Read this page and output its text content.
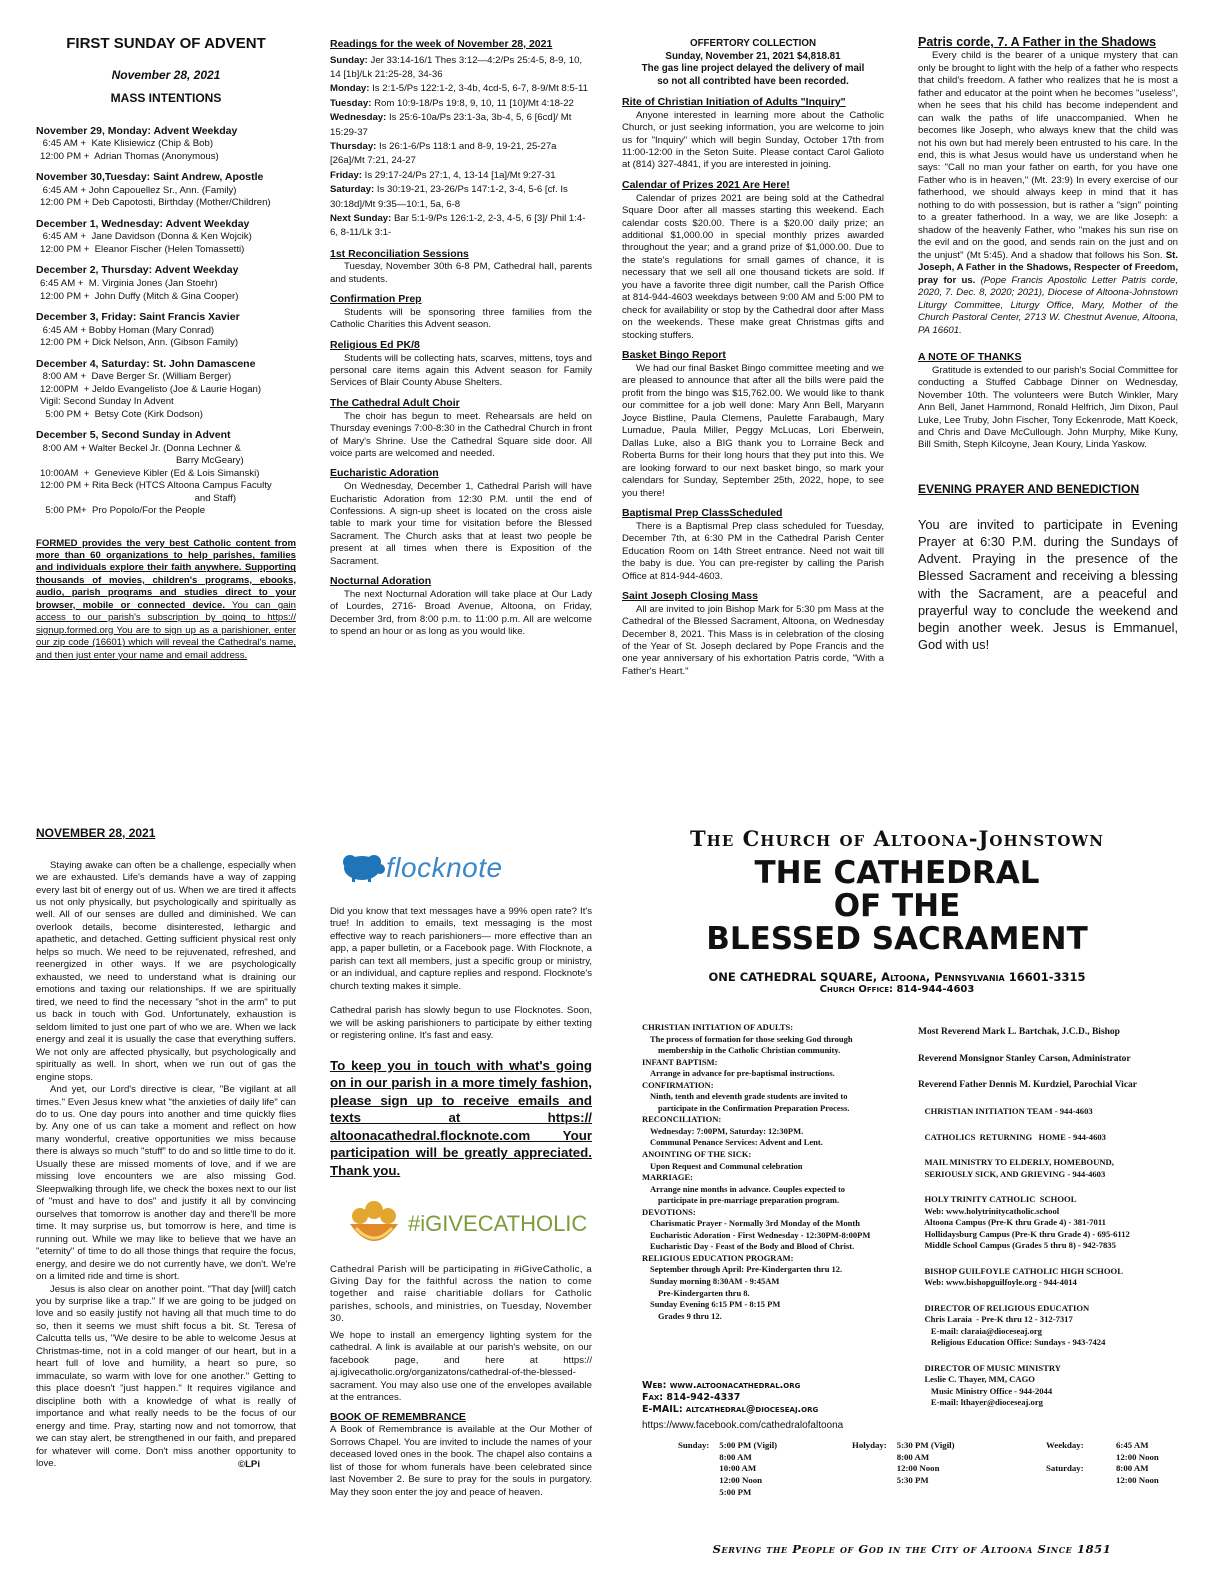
FIRST SUNDAY OF ADVENT
November 28, 2021
MASS INTENTIONS
November 29, Monday: Advent Weekday
6:45 AM +  Kate Klisiewicz (Chip & Bob)
12:00 PM +  Adrian Thomas (Anonymous)
November 30,Tuesday: Saint Andrew, Apostle
6:45 AM + John Capouellez Sr., Ann. (Family)
12:00 PM + Deb Capotosti, Birthday (Mother/Children)
December 1, Wednesday: Advent Weekday
6:45 AM +  Jane Davidson (Donna & Ken Wojcik)
12:00 PM +  Eleanor Fischer (Helen Tomassetti)
December 2, Thursday: Advent Weekday
6:45 AM +  M. Virginia Jones (Jan Stoehr)
12:00 PM +  John Duffy (Mitch & Gina Cooper)
December 3, Friday: Saint Francis Xavier
6:45 AM + Bobby Homan (Mary Conrad)
12:00 PM + Dick Nelson, Ann. (Gibson Family)
December 4, Saturday: St. John Damascene
8:00 AM +  Dave Berger Sr. (William Berger)
12:00PM  + Jeldo Evangelisto (Joe & Laurie Hogan)
Vigil: Second Sunday In Advent
5:00 PM +  Betsy Cote (Kirk Dodson)
December 5, Second Sunday in Advent
8:00 AM + Walter Beckel Jr. (Donna Lechner &
Barry McGeary)
10:00AM  +  Genevieve Kibler (Ed & Lois Simanski)
12:00 PM + Rita Beck (HTCS Altoona Campus Faculty
and Staff)
5:00 PM+  Pro Popolo/For the People
FORMED provides the very best Catholic content from more than 60 organizations to help parishes, families and individuals explore their faith anywhere. Supporting thousands of movies, children's programs, ebooks, audio, parish programs and studies direct to your browser, mobile or connected device. You can gain access to our parish's subscription by going to https:// signup.formed.org You are to sign up as a parishioner, enter our zip code (16601) which will reveal the Cathedral's name, and then just enter your name and email address.
Readings for the week of November 28, 2021

Sunday: Jer 33:14-16/1 Thes 3:12—4:2/Ps 25:4-5, 8-9, 10, 14 [1b]/Lk 21:25-28, 34-36

Monday: Is 2:1-5/Ps 122:1-2, 3-4b, 4cd-5, 6-7, 8-9/Mt 8:5-11

Tuesday: Rom 10:9-18/Ps 19:8, 9, 10, 11 [10]/Mt 4:18-22

Wednesday: Is 25:6-10a/Ps 23:1-3a, 3b-4, 5, 6 [6cd]/ Mt 15:29-37

Thursday: Is 26:1-6/Ps 118:1 and 8-9, 19-21, 25-27a [26a]/Mt 7:21, 24-27

Friday: Is 29:17-24/Ps 27:1, 4, 13-14 [1a]/Mt 9:27-31

Saturday: Is 30:19-21, 23-26/Ps 147:1-2, 3-4, 5-6 [cf. Is 30:18d]/Mt 9:35—10:1, 5a, 6-8

Next Sunday: Bar 5:1-9/Ps 126:1-2, 2-3, 4-5, 6 [3]/ Phil 1:4-6, 8-11/Lk 3:1-

1st Reconciliation Sessions

Tuesday, November 30th 6-8 PM, Cathedral hall, parents and students.

Confirmation Prep

Students will be sponsoring three families from the Catholic Charities this Advent season.

Religious Ed PK/8

Students will be collecting hats, scarves, mittens, toys and personal care items again this Advent season for Family Services of Blair County Abuse Shelters.

The Cathedral Adult Choir

The choir has begun to meet. Rehearsals are held on Thursday evenings 7:00-8:30 in the Cathedral Church in front of Mary's Shrine. Use the Cathedral Square side door. All voice parts are welcomed and needed.

Eucharistic Adoration

On Wednesday, December 1, Cathedral Parish will have Eucharistic Adoration from 12:30 P.M. until the end of Confessions. A sign-up sheet is located on the cross aisle table to mark your time for visitation before the Blessed Sacrament. The Church asks that at least two people be present at all times when there is Exposition of the Sacrament.

Nocturnal Adoration

The next Nocturnal Adoration will take place at Our Lady of Lourdes, 2716- Broad Avenue, Altoona, on Friday, December 3rd, from 8:00 p.m. to 11:00 p.m. All are welcome to spend an hour or as long as you would like.

OFFERTORY COLLECTION
Sunday, November 21, 2021 $4,818.81
The gas line project delayed the delivery of mail
so not all contribted have been recorded.
Rite of Christian Initiation of Adults "Inquiry"

Anyone interested in learning more about the Catholic Church, or just seeking information, you are welcome to join us for "Inquiry" which will begin Sunday, October 17th from 11:00-12:00 in the Seton Suite. Please contact Carol Galioto at (814) 327-4841, if you are interested in joining.

Calendar of Prizes 2021 Are Here!

Calendar of prizes 2021 are being sold at the Cathedral Square Door after all masses starting this weekend. Each calendar costs $20.00. There is a $20.00 daily prize; an additional $1,000.00 in special monthly prizes awarded throughout the year; and a grand prize of $1,000.00. Due to the state's regulations for small games of chance, it is necessary that we sell all one thousand tickets are sold. If you have a favorite three digit number, call the Parish Office at 814-944-4603 weekdays between 9:00 AM and 5:00 PM to check for availability or stop by the Cathedral door after Mass on the weekends. These make great Christmas gifts and stocking stuffers.

Basket Bingo Report

We had our final Basket Bingo committee meeting and we are pleased to announce that after all the bills were paid the profit from the bingo was $15,762.00. We would like to thank our committee for a job well done: Mary Ann Bell, Maryann Joyce Bistline, Paula Clemens, Paulette Farabaugh, Mary Lumadue, Paula Miller, Peggy McLucas, Lori Eberwein, Dallas Luke, also a BIG thank you to Lorraine Beck and Roberta Burns for their long hours that they put into this. We are looking forward to our next basket bingo, so mark your calendars for Sunday, September 25th, 2022, hope, to see you there!

Baptismal Prep ClassScheduled

There is a Baptismal Prep class scheduled for Tuesday, December 7th, at 6:30 PM in the Cathedral Parish Center Education Room on 14th Street entrance. Need not wait till the baby is due. You can pre-register by calling the Parish Office at 814-944-4603.

Saint Joseph Closing Mass

All are invited to join Bishop Mark for 5:30 pm Mass at the Cathedral of the Blessed Sacrament, Altoona, on Wednesday December 8, 2021. This Mass is in celebration of the closing of the Year of St. Joseph declared by Pope Francis and the one year anniversary of his exhortation Patris corde, "With a Father's Heart."

Patris corde, 7. A Father in the Shadows

Every child is the bearer of a unique mystery that can only be brought to light with the help of a father who respects that child's freedom. A father who realizes that he is most a father and educator at the point when he becomes "useless", when he sees that his child has become independent and can walk the paths of life unaccompanied. When he becomes like Joseph, who always knew that the child was not his own but had merely been entrusted to his care. In the end, this is what Jesus would have us understand when he says: "Call no man your father on earth, for you have one Father who is in heaven," (Mt. 23:9) In every exercise of our fatherhood, we should always keep in mind that it has nothing to do with possession, but is rather a "sign" pointing to a greater fatherhood. In a way, we are like Joseph: a shadow of the heavenly Father, who "makes his sun rise on the evil and on the good, and sends rain on the just and on the unjust" (Mt 5:45). And a shadow that follows his Son. St. Joseph, A Father in the Shadows, Respecter of Freedom, pray for us. (Pope Francis Apostolic Letter Patris corde, 2020, 7. Dec. 8, 2020; 2021), Diocese of Altoona-Johnstown Liturgy Committee, Liturgy Office, Mary, Mother of the Church Pastoral Center, 2713 W. Chestnut Avenue, Altoona, PA 16601.

A NOTE OF THANKS

Gratitude is extended to our parish's Social Committee for conducting a Stuffed Cabbage Dinner on Wednesday, November 10th. The volunteers were Butch Winkler, Mary Ann Bell, Janet Hammond, Ronald Helfrich, Jim Dixon, Paul Luke, Lee Truby, John Fischer, Tony Eckenrode, Matt Koeck, and Chris and Dave McCullough. John Murphy, Mike Kuny, Bill Smith, Steph Kilcoyne, Jean Koury, Linda Yaskow.

EVENING PRAYER AND BENEDICTION
You are invited to participate in Evening Prayer at 6:30 P.M. during the Sundays of Advent. Praying in the presence of the Blessed Sacrament and receiving a blessing with the Sacrament, are a peaceful and prayerful way to conclude the weekend and begin another week. Jesus is Emmanuel, God with us!
NOVEMBER 28, 2021

Staying awake can often be a challenge, especially when we are exhausted. Life's demands have a way of zapping every last bit of energy out of us. When we are tired it affects us not only physically, but psychologically and spiritually as well. All of our senses are dulled and diminished. We can overlook details, become disinterested, lethargic and apathetic, and detached. Getting sufficient physical rest only helps so much. We need to be rejuvenated, refreshed, and reenergized in other ways. If we are psychologically exhausted, we need to understand what is draining our emotions and taxing our relationships. If we are spiritually tired, we need to find the necessary "shot in the arm" to put us back in touch with God. Unfortunately, exhaustion is seldom limited to just one part of who we are. When we lack energy and zeal it is usually the case that everything suffers. We not only are affected physically, but psychologically and spiritually as well. In short, when we run out of gas the engine stops.

And yet, our Lord's directive is clear, "Be vigilant at all times." Even Jesus knew what "the anxieties of daily life" can do to us. One day pours into another and time quickly flies by. Any one of us can take a moment and reflect on how many wonderful, creative opportunities we miss because there is always so much "stuff" to do and so little time to do it. Usually these are missed moments of love, and if we are missing love encounters we are also missing God. Sleepwalking through life, we check the boxes next to our list of "must and have to dos" and justify it all by convincing ourselves that tomorrow is another day and there'll be more time. It may surprise us, but tomorrow is here, and time is running out. While we may like to believe that we have an "eternity" of time to do all those things that require the focus, energy, and desire we do not currently have, we don't. We're on a limited ride and time is short.

Jesus is also clear on another point. "That day [will] catch you by surprise like a trap." If we are going to be judged on love and so easily justify not having all that much time to do so, then it seems we must shift focus a bit. St. Teresa of Calcutta tells us, "We desire to be able to welcome Jesus at Christmas-time, not in a cold manger of our heart, but in a heart full of love and humility, a heart so pure, so immaculate, so warm with love for one another." Getting to this place doesn't "just happen." It requires vigilance and discipline both with a knowledge of what is really of importance and what really needs to be the focus of our energy and time. Pray, starting now and not tomorrow, that we can stay alert, be strengthened in our faith, and prepared for whatever will come. Don't miss another opportunity to love.	©LPi
flocknote

Did you know that text messages have a 99% open rate? It's true! In addition to emails, text messaging is the most effective way to reach parishioners— more effective than an app, a paper bulletin, or a Facebook page. With Flocknote, a parish can text all members, just a specific group or ministry, or an individual, and capture replies and respond. Flocknote's church texting makes it simple.

Cathedral parish has slowly begun to use Flocknotes. Soon, we will be asking parishioners to participate by either texting or registering online. It's fast and easy.

To keep you in touch with what's going on in our parish in a more timely fashion, please sign up to receive emails and texts at https:// altoonacathedral.flocknote.com Your participation will be greatly appreciated. Thank you.
#iGIVECATHOLIC

Cathedral Parish will be participating in #iGiveCatholic, a Giving Day for the faithful across the nation to come together and raise charitiable dollars for Catholic parishes, schools, and ministries, on Tuesday, November 30.

We hope to install an emergency lighting system for the cathedral. A link is available at our parish's website, on our facebook page, and here at https:// aj.igivecatholic.org/organizatons/cathedral-of-the-blessed-sacrament. You may also use one of the envelopes available at the entrances.

BOOK OF REMEMBRANCE

A Book of Remembrance is available at the Our Mother of Sorrows Chapel. You are invited to include the names of your deceased loved ones in the book. The chapel also contains a list of those for whom funerals have been celebrated since last November 2. Be sure to pray for the souls in purgatory. May they soon enter the joy and peace of heaven.

The Church of Altoona-Johnstown
THE CATHEDRAL
OF THE
BLESSED SACRAMENT
ONE CATHEDRAL SQUARE, Altoona, Pennsylvania 16601-3315
Church Office: 814-944-4603
CHRISTIAN INITIATION OF ADULTS:
The process of formation for those seeking God through
membership in the Catholic Christian community.
INFANT BAPTISM:
Arrange in advance for pre-baptismal instructions.
CONFIRMATION:
Ninth, tenth and eleventh grade students are invited to
participate in the Confirmation Preparation Process.
RECONCILIATION:
Wednesday: 7:00PM, Saturday: 12:30PM.
Communal Penance Services: Advent and Lent.
ANOINTING OF THE SICK:
Upon Request and Communal celebration
MARRIAGE:
Arrange nine months in advance. Couples expected to
participate in pre-marriage preparation program.
DEVOTIONS:
Charismatic Prayer - Normally 3rd Monday of the Month
Eucharistic Adoration - First Wednesday - 12:30PM-8:00PM
Eucharistic Day - Feast of the Body and Blood of Christ.
RELIGIOUS EDUCATION PROGRAM:
September through April: Pre-Kindergarten thru 12.
Sunday morning 8:30AM - 9:45AM
Pre-Kindergarten thru 8.
Sunday Evening 6:15 PM - 8:15 PM
Grades 9 thru 12.
Most Reverend Mark L. Bartchak, J.C.D., Bishop
Reverend Monsignor Stanley Carson, Administrator
Reverend Father Dennis M. Kurdziel, Parochial Vicar
CHRISTIAN INITIATION TEAM - 944-4603
CATHOLICS  RETURNING   HOME - 944-4603
MAIL MINISTRY TO ELDERLY, HOMEBOUND,
SERIOUSLY SICK, AND GRIEVING - 944-4603
HOLY TRINITY CATHOLIC  SCHOOL
Web: www.holytrinitycatholic.school
Altoona Campus (Pre-K thru Grade 4) - 381-7011
Hollidaysburg Campus (Pre-K thru Grade 4) - 695-6112
Middle School Campus (Grades 5 thru 8) - 942-7835
BISHOP GUILFOYLE CATHOLIC HIGH SCHOOL
Web: www.bishopguilfoyle.org - 944-4014
DIRECTOR OF RELIGIOUS EDUCATION
Chris Laraia  - Pre-K thru 12 - 312-7317
E-mail: claraia@dioceseaj.org
Religious Education Office: Sundays - 943-7424
DIRECTOR OF MUSIC MINISTRY
Leslie C. Thayer, MM, CAGO
Music Ministry Office - 944-2044
E-mail: lthayer@dioceseaj.org
Web: www.altoonacathedral.org
Fax: 814-942-4337
E-MAIL: altcathedral@dioceseaj.org
https://www.facebook.com/cathedralofaltoona
Sunday: 5:00 PM (Vigil)
8:00 AM
10:00 AM
12:00 Noon
5:00 PM
Holyday: 5:30 PM (Vigil)
8:00 AM
12:00 Noon
5:30 PM
Weekday:	6:45 AM
12:00 Noon
Saturday:	8:00 AM
12:00 Noon
Serving the People of God in the City of Altoona Since 1851
